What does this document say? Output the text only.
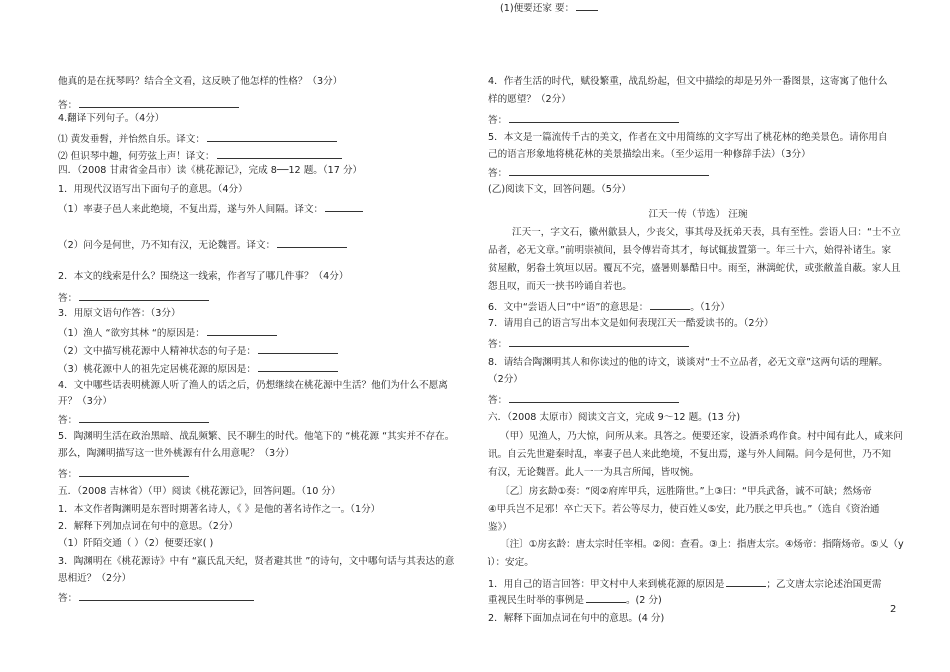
他真的是在抚琴吗？结合全文看，这反映了他怎样的性格？（3分）
答：
4.翻译下列句子。（4分）
⑴ 黄发垂髫，并怡然自乐。译文：
⑵ 但识琴中趣，何劳弦上声！译文：
四．（2008 甘肃省金昌市）读《桃花源记》，完成 8──12 题。（17 分）
1．用现代汉语写出下面句子的意思。（4分）
（1）率妻子邑人来此绝境，不复出焉，遂与外人间隔。译文：
（2）问今是何世，乃不知有汉，无论魏晋。译文：
2．本文的线索是什么？围绕这一线索，作者写了哪几件事？（4分）
答：
3．用原文语句作答：（3分）
（1）渔人 “欲穷其林 “的原因是：
（2）文中描写桃花源中人精神状态的句子是：
（3）桃花源中人的祖先定居桃花源的原因是：
4．文中哪些话表明桃源人听了渔人的话之后，仍想继续在桃花源中生活？他们为什么不愿离
开？（3分）
答：
5．陶渊明生活在政治黑暗、战乱频繁、民不聊生的时代。他笔下的 “桃花源 “其实并不存在。
那么，陶渊明描写这一世外桃源有什么用意呢？（3分）
答：
五．（2008 吉林省）（甲）阅读《桃花源记》，回答问题。（10 分）
1．本文作者陶渊明是东晋时期著名诗人，《 》是他的著名诗作之一。（1分）
2．解释下列加点词在句中的意思。（2分）
（1）阡陌交通（ ）（2）便要还家( )
3．陶渊明在《桃花源诗》中有 “嬴氏乱天纪，贤者避其世 ”的诗句，文中哪句话与其表达的意
思相近？（2分）
答：
4．作者生活的时代，赋役繁重，战乱纷起，但文中描绘的却是另外一番图景，这寄寓了他什么
样的愿望？（2分）
答：
5．本文是一篇流传千古的美文，作者在文中用简练的文字写出了桃花林的绝美景色。请你用自
己的语言形象地将桃花林的美景描绘出来。（至少运用一种修辞手法）（3分）
答：
(乙)阅读下文，回答问题。（5分）
江天一传（节选） 汪琬
江天一，字文石，徽州歙县人，少丧父，事其母及抚弟天表，具有至性。尝语人曰：“士不立
品者，必无文章。”前明崇祯间，县令傅岩奇其才，每试辄拔置第一。年三十六，始得补诸生。家
贫屋敝，躬畚土筑垣以居。覆瓦不完，盛暑则暴酷日中。雨至，淋漓蛇伏，或张敝盖自蔽。家人且
怨且叹，而天一挟书吟诵自若也。
6．文中“尝语人曰”中“语”的意思是：	。（1分）
7．请用自己的语言写出本文是如何表现江天一酷爱读书的。（2分）
答：
8．请结合陶渊明其人和你读过的他的诗文，谈谈对“士不立品者，必无文章”这两句话的理解。
（2分）
答：
六．（2008 太原市）阅读文言文，完成 9～12 题。(13 分)
（甲）见渔人，乃大惊，问所从来。具答之。便要还家，设酒杀鸡作食。村中闻有此人，咸来问
讯。自云先世避秦时乱，率妻子邑人来此绝境，不复出焉，遂与外人间隔。问今是何世，乃不知
有汉，无论魏晋。此人一一为具言所闻，皆叹惋。
〔乙〕房玄龄①奏：“阅②府库甲兵，远胜隋世。”上③曰：“甲兵武备，诚不可缺；然炀帝
④甲兵岂不足邪！卒亡天下。若公等尽力，使百姓乂⑤安，此乃朕之甲兵也。”（选自《资治通
鉴》）
〔注〕①房玄龄：唐太宗时任宰相。②阅：查看。③上：指唐太宗。④炀帝：指隋炀帝。⑤乂（y
ì）：安定。
1．用自己的语言回答：甲文村中人来到桃花源的原因是	；乙文唐太宗论述治国更需
重视民生时举的事例是	。(2 分)
2．解释下面加点词在句中的意思。(4 分)
(1)便要还家 要：
2
